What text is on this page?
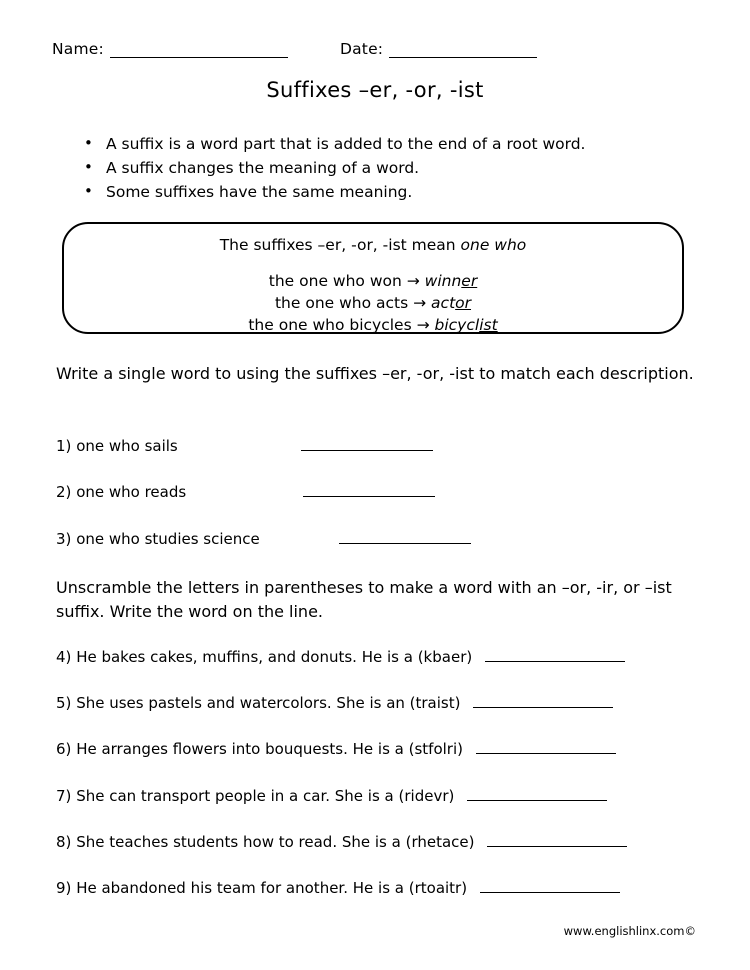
Name:	Date:
Suffixes –er, -or, -ist
• A suffix is a word part that is added to the end of a root word.
• A suffix changes the meaning of a word.
• Some suffixes have the same meaning.
The suffixes –er, -or, -ist mean one who
the one who won → winner
the one who acts → actor
the one who bicycles → bicyclist
Write a single word to using the suffixes –er, -or, -ist to match each description.
1) one who sails
2) one who reads
3) one who studies science
Unscramble the letters in parentheses to make a word with an –or, -ir, or –ist suffix. Write the word on the line.
4) He bakes cakes, muffins, and donuts. He is a (kbaer)
5) She uses pastels and watercolors. She is an (traist)
6) He arranges flowers into bouquests. He is a (stfolri)
7) She can transport people in a car. She is a (ridevr)
8) She teaches students how to read. She is a (rhetace)
9) He abandoned his team for another. He is a (rtoaitr)
www.englishlinx.com©
